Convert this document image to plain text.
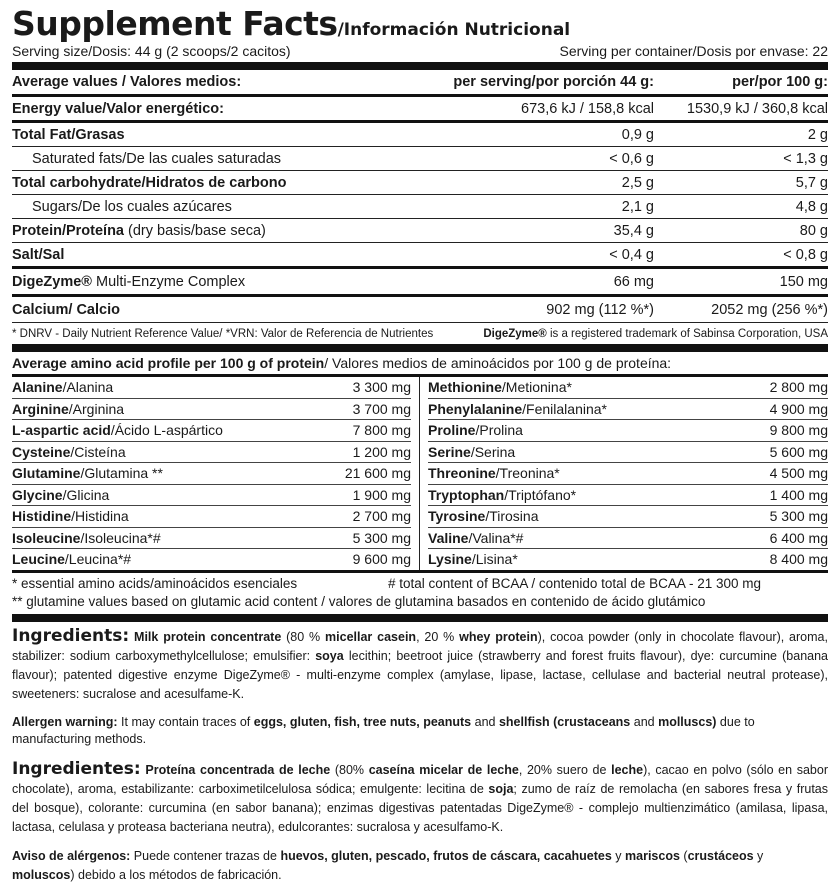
Supplement Facts/Información Nutricional
Serving size/Dosis: 44 g (2 scoops/2 cacitos)	Serving per container/Dosis por envase: 22
Average values / Valores medios:	per serving/por porción 44 g:	per/por 100 g:
Energy value/Valor energético:	673,6 kJ / 158,8 kcal	1530,9 kJ / 360,8 kcal
Total Fat/Grasas	0,9 g	2 g
Saturated fats/De las cuales saturadas	< 0,6 g	< 1,3 g
Total carbohydrate/Hidratos de carbono	2,5 g	5,7 g
Sugars/De los cuales azúcares	2,1 g	4,8 g
Protein/Proteína (dry basis/base seca)	35,4 g	80 g
Salt/Sal	< 0,4 g	< 0,8 g
DigeZyme® Multi-Enzyme Complex	66 mg	150 mg
Calcium/ Calcio	902 mg (112 %*)	2052 mg (256 %*)
* DNRV - Daily Nutrient Reference Value/ *VRN: Valor de Referencia de Nutrientes	DigeZyme® is a registered trademark of Sabinsa Corporation, USA
Average amino acid profile per 100 g of protein / Valores medios de aminoácidos por 100 g de proteína:
Alanine/Alanina	3 300 mg
Arginine/Arginina	3 700 mg
L-aspartic acid/Ácido L-aspártico	7 800 mg
Cysteine/Cisteína	1 200 mg
Glutamine/Glutamina **	21 600 mg
Glycine/Glicina	1 900 mg
Histidine/Histidina	2 700 mg
Isoleucine/Isoleucina*#	5 300 mg
Leucine/Leucina*#	9 600 mg
Methionine/Metionina*	2 800 mg
Phenylalanine/Fenilalanina*	4 900 mg
Proline/Prolina	9 800 mg
Serine/Serina	5 600 mg
Threonine/Treonina*	4 500 mg
Tryptophan/Triptófano*	1 400 mg
Tyrosine/Tirosina	5 300 mg
Valine/Valina*#	6 400 mg
Lysine/Lisina*	8 400 mg
* essential amino acids/aminoácidos esenciales	# total content of BCAA / contenido total de BCAA - 21 300 mg
** glutamine values based on glutamic acid content / valores de glutamina basados en contenido de ácido glutámico
Ingredients: Milk protein concentrate (80 % micellar casein, 20 % whey protein), cocoa powder (only in chocolate flavour), aroma, stabilizer: sodium carboxymethylcellulose; emulsifier: soya lecithin; beetroot juice (strawberry and forest fruits flavour), dye: curcumine (banana flavour); patented digestive enzyme DigeZyme® - multi-enzyme complex (amylase, lipase, lactase, cellulase and bacterial neutral protease), sweeteners: sucralose and acesulfame-K.
Allergen warning: It may contain traces of eggs, gluten, fish, tree nuts, peanuts and shellfish (crustaceans and molluscs) due to manufacturing methods.
Ingredientes: Proteína concentrada de leche (80% caseína micelar de leche, 20% suero de leche), cacao en polvo (sólo en sabor chocolate), aroma, estabilizante: carboximetilcelulosa sódica; emulgente: lecitina de soja; zumo de raíz de remolacha (en sabores fresa y frutas del bosque), colorante: curcumina (en sabor banana); enzimas digestivas patentadas DigeZyme® - complejo multienzimático (amilasa, lipasa, lactasa, celulasa y proteasa bacteriana neutra), edulcorantes: sucralosa y acesulfamo-K.
Aviso de alérgenos: Puede contener trazas de huevos, gluten, pescado, frutos de cáscara, cacahuetes y mariscos (crustáceos y moluscos) debido a los métodos de fabricación.
